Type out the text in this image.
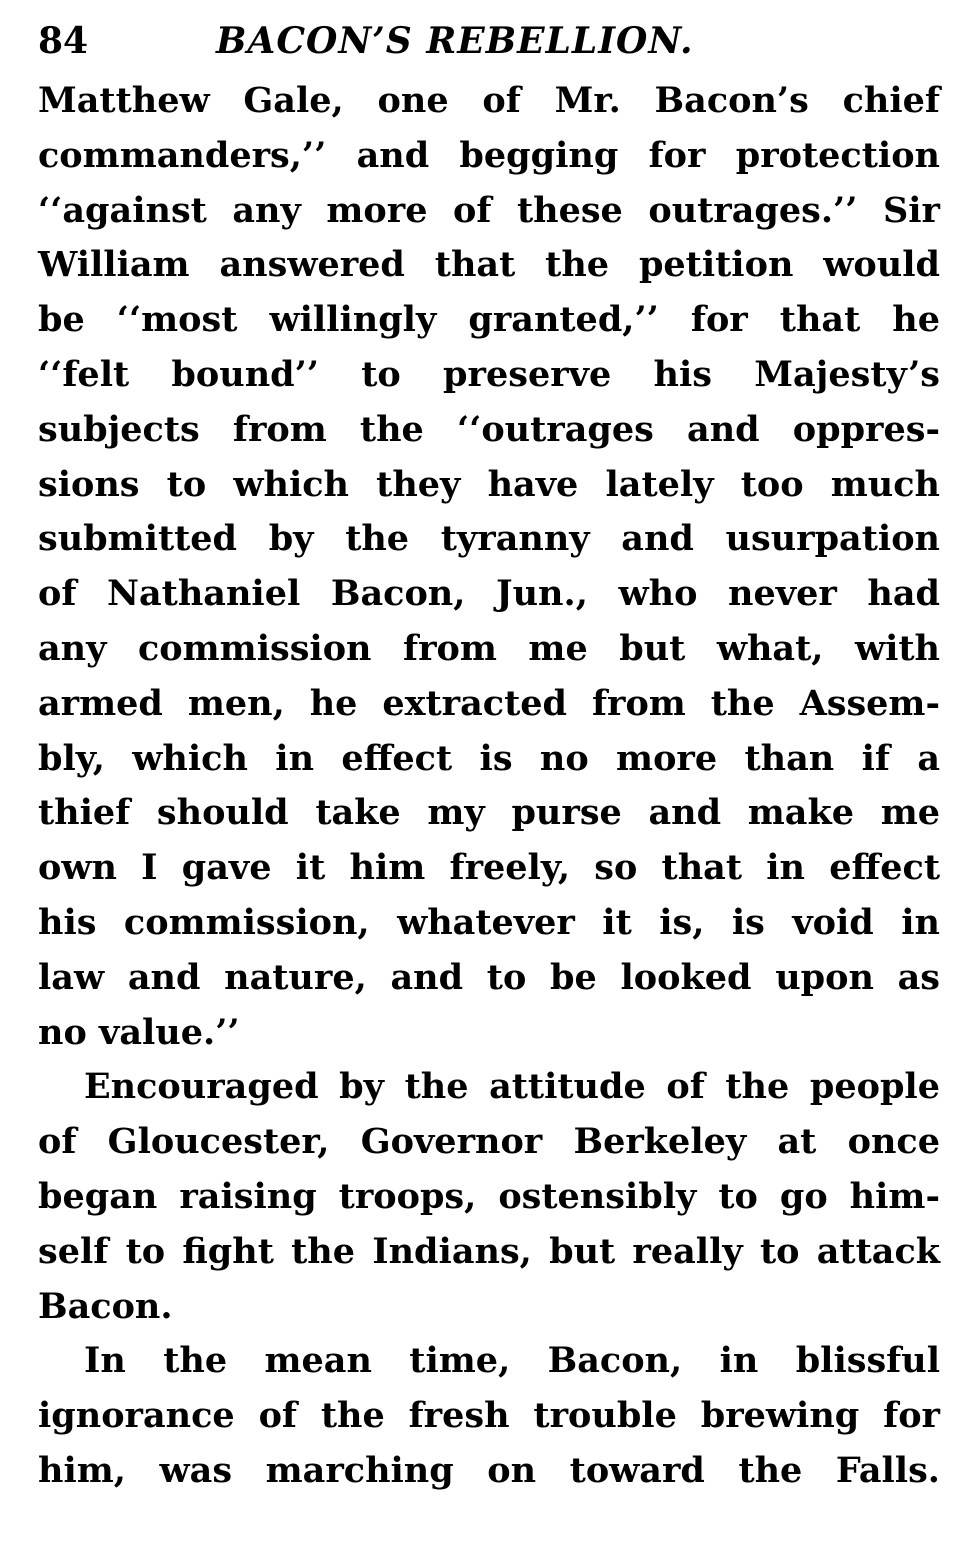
84	BACON’S REBELLION.
Matthew Gale, one of Mr. Bacon’s chief
commanders,’’ and begging for protection
‘‘against any more of these outrages.’’ Sir
William answered that the petition would
be ‘‘most willingly granted,’’ for that he
‘‘felt bound’’ to preserve his Majesty’s
subjects from the ‘‘outrages and oppres-
sions to which they have lately too much
submitted by the tyranny and usurpation
of Nathaniel Bacon, Jun., who never had
any commission from me but what, with
armed men, he extracted from the Assem-
bly, which in effect is no more than if a
thief should take my purse and make me
own I gave it him freely, so that in effect
his commission, whatever it is, is void in
law and nature, and to be looked upon as
no value.’’
Encouraged by the attitude of the people
of Gloucester, Governor Berkeley at once
began raising troops, ostensibly to go him-
self to fight the Indians, but really to attack
Bacon.
In the mean time, Bacon, in blissful
ignorance of the fresh trouble brewing for
him, was marching on toward the Falls.
